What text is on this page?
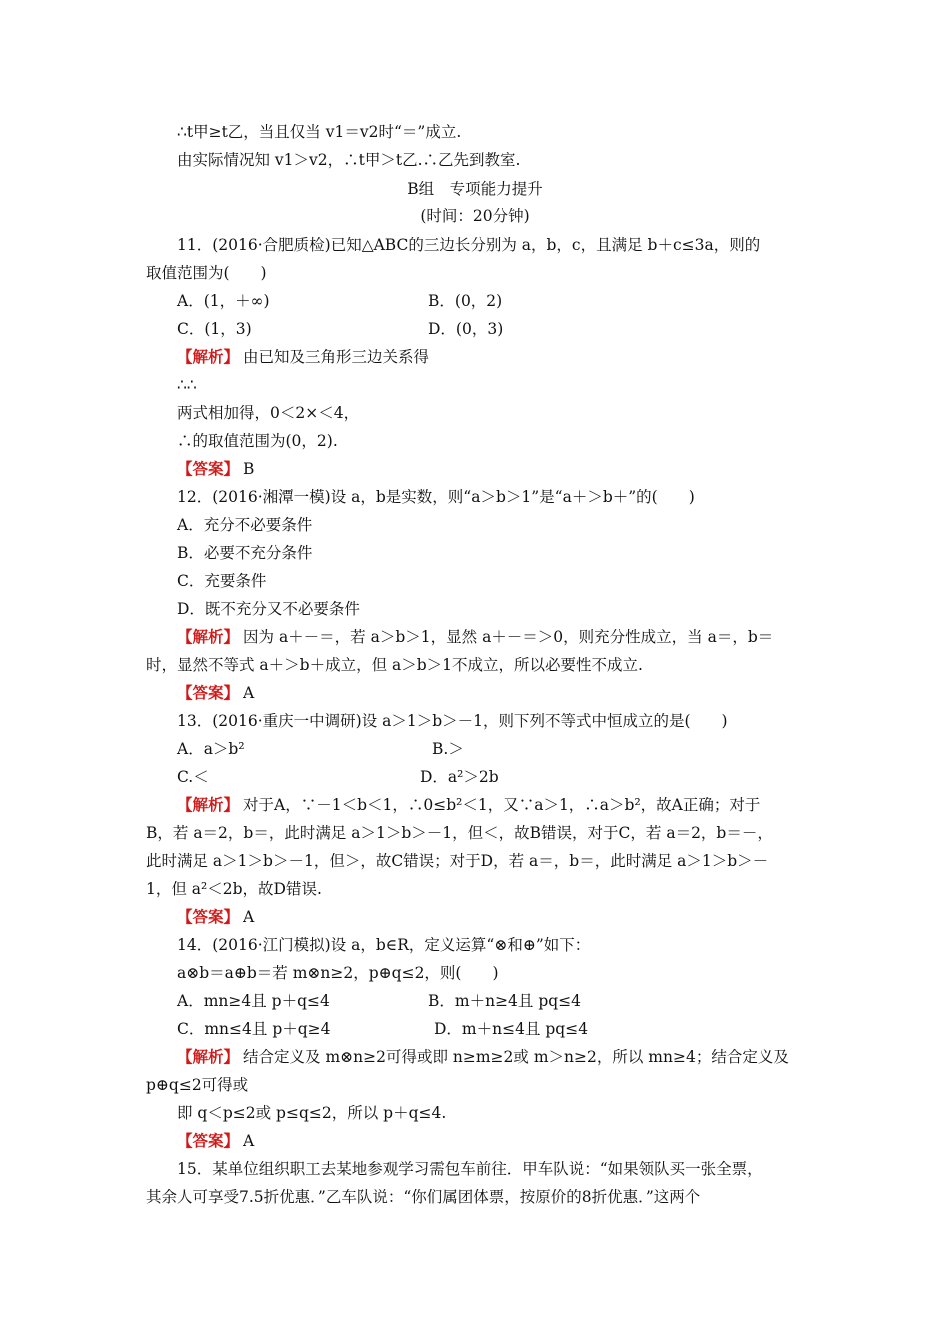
∴t甲≥t乙，当且仅当 v1＝v2时“＝”成立.
由实际情况知 v1＞v2，∴t甲＞t乙.∴乙先到教室.
B组　专项能力提升
(时间：20分钟)
11．(2016·合肥质检)已知△ABC的三边长分别为 a，b，c，且满足 b＋c≤3a，则的
取值范围为(　　)
A．(1，＋∞)	B．(0，2)
C．(1，3)	D．(0，3)
【解析】 由已知及三角形三边关系得
∴∴
两式相加得，0＜2×＜4，
∴的取值范围为(0，2).
【答案】 B
12．(2016·湘潭一模)设 a，b是实数，则“a＞b＞1”是“a＋＞b＋”的(　　)
A．充分不必要条件
B．必要不充分条件
C．充要条件
D．既不充分又不必要条件
【解析】 因为 a＋－＝，若 a＞b＞1，显然 a＋－＝＞0，则充分性成立，当 a＝，b＝
时，显然不等式 a＋＞b＋成立，但 a＞b＞1不成立，所以必要性不成立.
【答案】 A
13．(2016·重庆一中调研)设 a＞1＞b＞－1，则下列不等式中恒成立的是(　　)
A．a＞b²	B.＞
C.＜	D．a²＞2b
【解析】 对于A，∵－1＜b＜1，∴0≤b²＜1，又∵a＞1，∴a＞b²，故A正确；对于
B，若 a＝2，b＝，此时满足 a＞1＞b＞－1，但＜，故B错误，对于C，若 a＝2，b＝－，
此时满足 a＞1＞b＞－1，但＞，故C错误；对于D，若 a＝，b＝，此时满足 a＞1＞b＞－
1，但 a²＜2b，故D错误.
【答案】 A
14．(2016·江门模拟)设 a，b∈R，定义运算“⊗和⊕”如下：
a⊗b＝a⊕b＝若 m⊗n≥2，p⊕q≤2，则(　　)
A．mn≥4且 p＋q≤4	B．m＋n≥4且 pq≤4
C．mn≤4且 p＋q≥4	D．m＋n≤4且 pq≤4
【解析】 结合定义及 m⊗n≥2可得或即 n≥m≥2或 m＞n≥2，所以 mn≥4；结合定义及
p⊕q≤2可得或
即 q＜p≤2或 p≤q≤2，所以 p＋q≤4.
【答案】 A
15．某单位组织职工去某地参观学习需包车前往．甲车队说：“如果领队买一张全票，
其余人可享受7.5折优惠．”乙车队说：“你们属团体票，按原价的8折优惠．”这两个
